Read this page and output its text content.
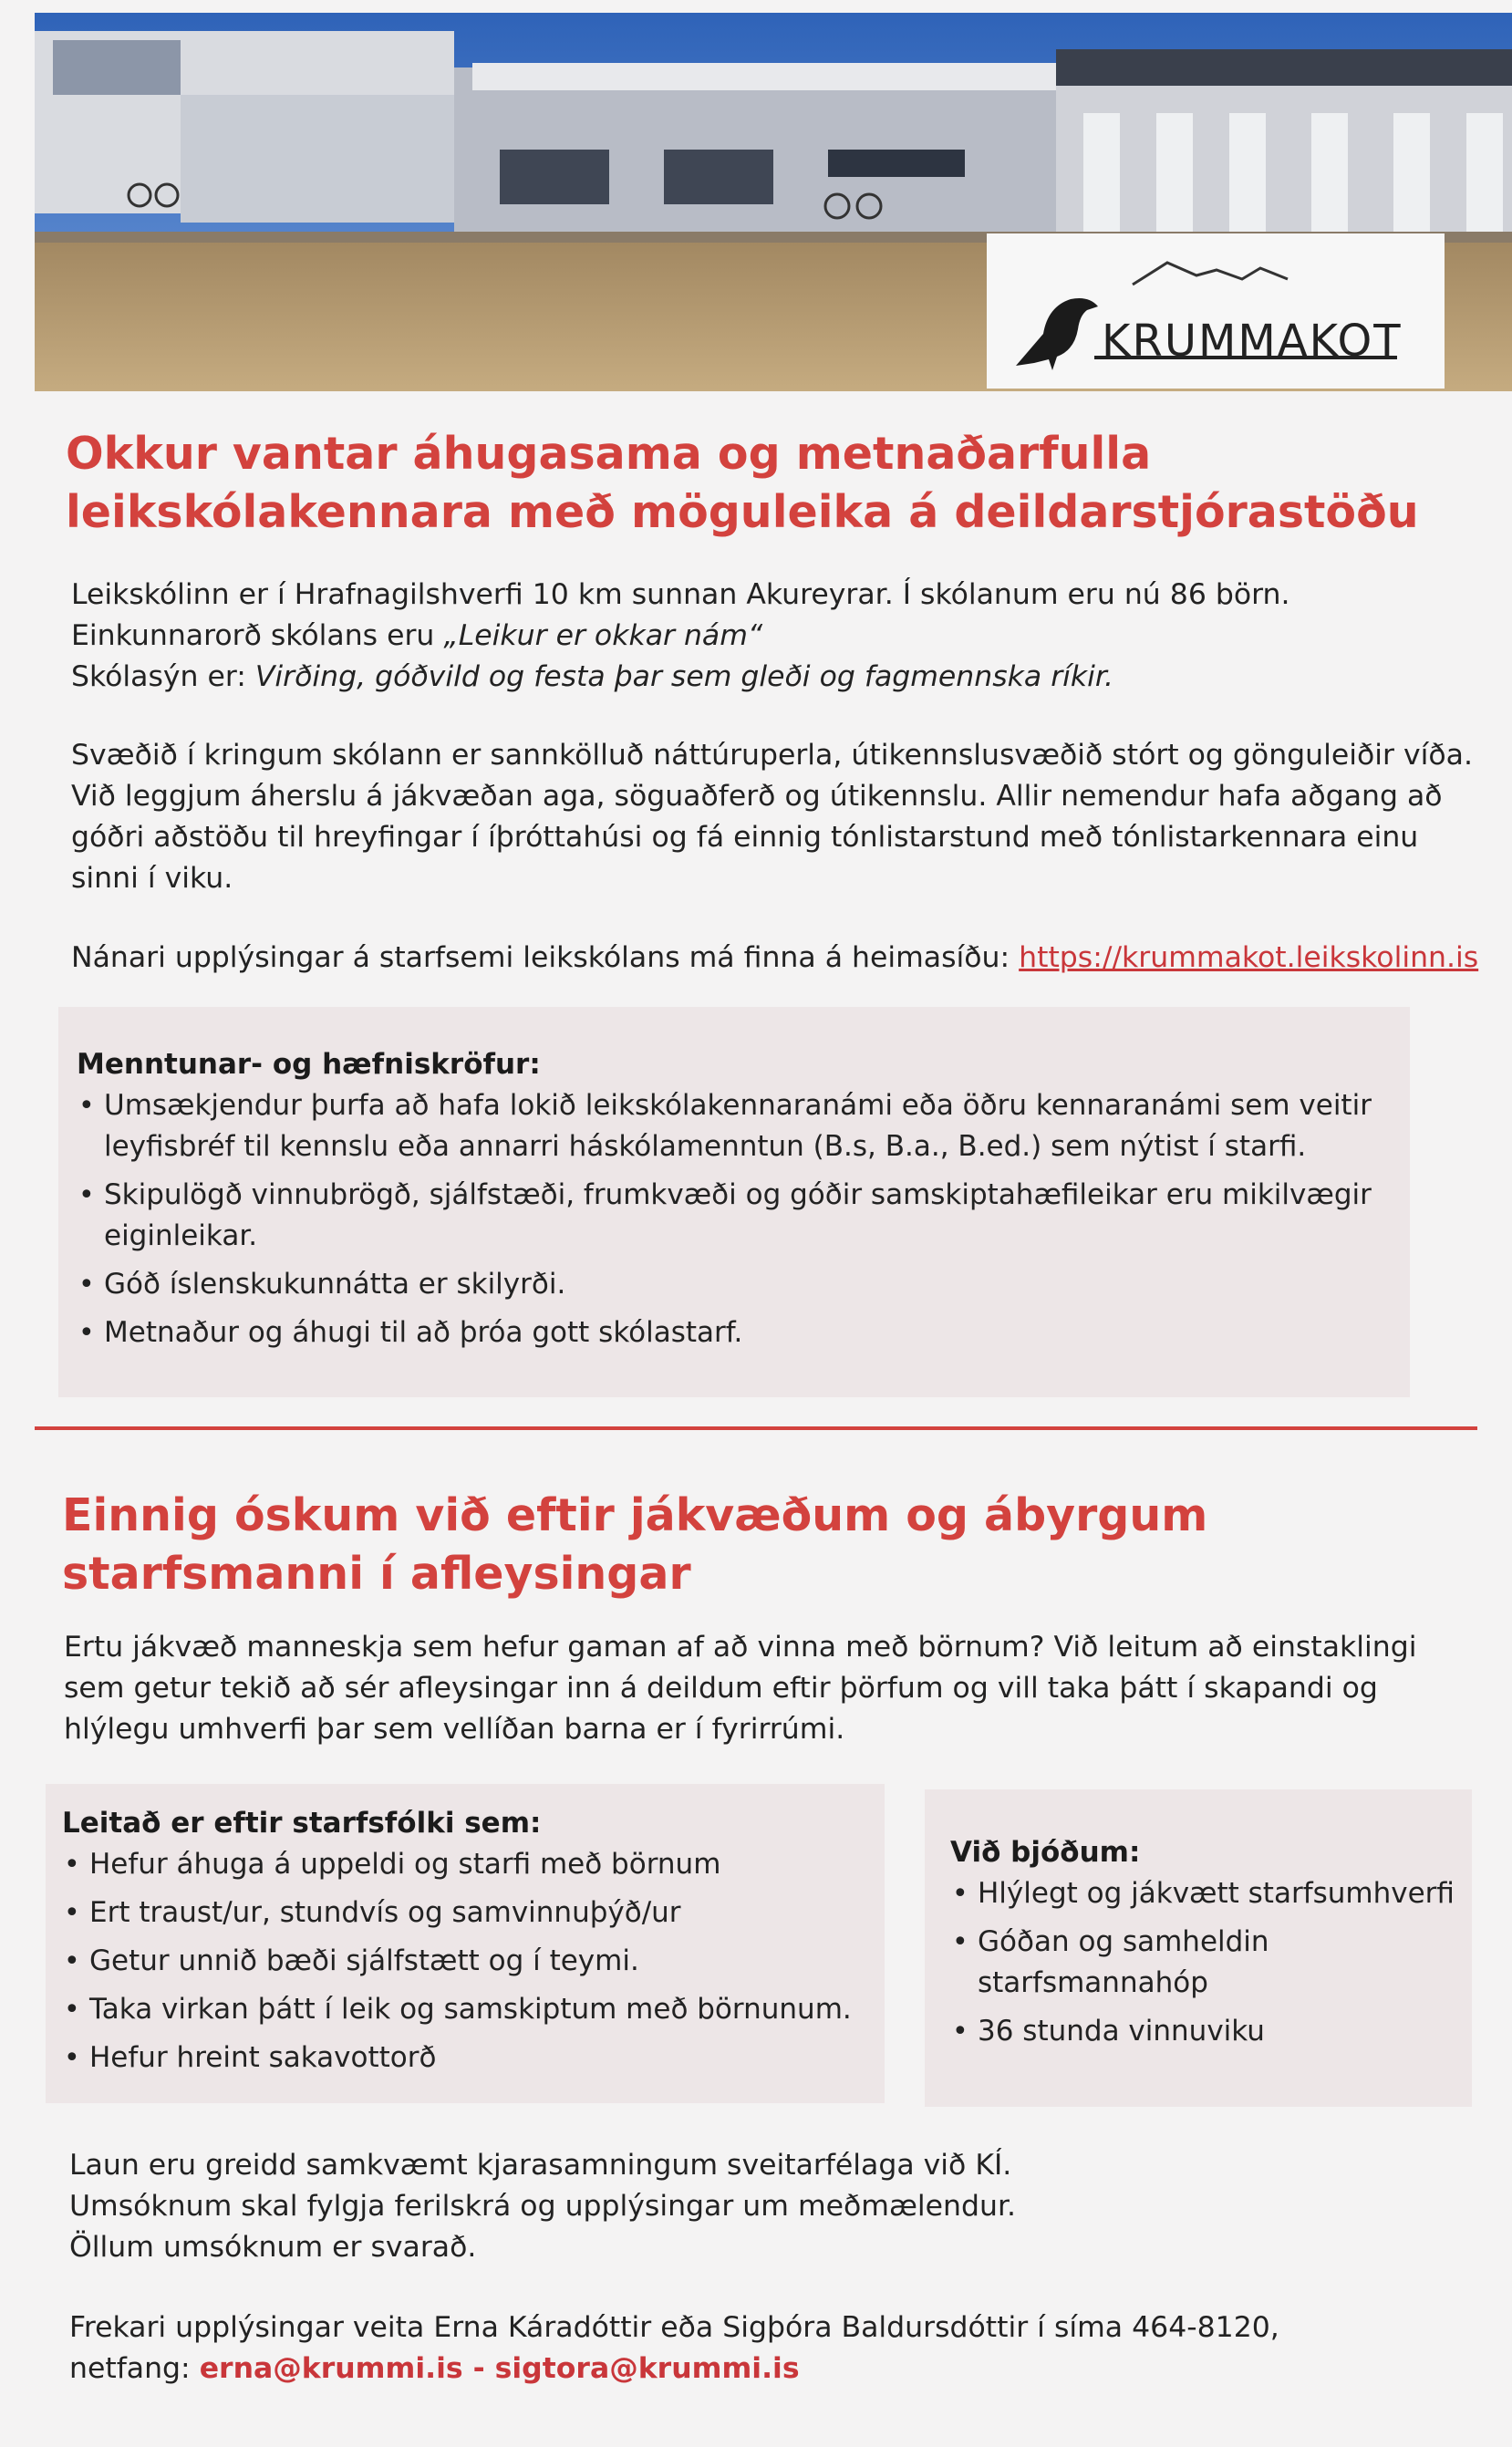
KRUMMAKOT
Okkur vantar áhugasama og metnaðarfulla
leikskólakennara með möguleika á deildarstjórastöðu

Leikskólinn er í Hrafnagilshverfi 10 km sunnan Akureyrar. Í skólanum eru nú 86 börn.

Einkunnarorð skólans eru „Leikur er okkar nám“

Skólasýn er: Virðing, góðvild og festa þar sem gleði og fagmennska ríkir.

Svæðið í kringum skólann er sannkölluð náttúruperla, útikennslusvæðið stórt og gönguleiðir víða. Við leggjum áherslu á jákvæðan aga, söguaðferð og útikennslu. Allir nemendur hafa aðgang að góðri aðstöðu til hreyfingar í íþróttahúsi og fá einnig tónlistarstund með tónlistarkennara einu sinni í viku.
Nánari upplýsingar á starfsemi leikskólans má finna á heimasíðu: https://krummakot.leikskolinn.is
Menntunar- og hæfniskröfur:
• Umsækjendur þurfa að hafa lokið leikskólakennaranámi eða öðru kennaranámi sem veitir leyfisbréf til kennslu eða annarri háskólamenntun (B.s, B.a., B.ed.) sem nýtist í starfi.
• Skipulögð vinnubrögð, sjálfstæði, frumkvæði og góðir samskiptahæfileikar eru mikilvægir eiginleikar.
• Góð íslenskukunnátta er skilyrði.
• Metnaður og áhugi til að þróa gott skólastarf.
Einnig óskum við eftir jákvæðum og ábyrgum
starfsmanni í afleysingar
Ertu jákvæð manneskja sem hefur gaman af að vinna með börnum? Við leitum að einstaklingi sem getur tekið að sér afleysingar inn á deildum eftir þörfum og vill taka þátt í skapandi og hlýlegu umhverfi þar sem vellíðan barna er í fyrirrúmi.
Leitað er eftir starfsfólki sem:
• Hefur áhuga á uppeldi og starfi með börnum
• Ert traust/ur, stundvís og samvinnuþýð/ur
• Getur unnið bæði sjálfstætt og í teymi.
• Taka virkan þátt í leik og samskiptum með börnunum.
• Hefur hreint sakavottorð
Við bjóðum:
• Hlýlegt og jákvætt starfsumhverfi
• Góðan og samheldin starfsmannahóp
• 36 stunda vinnuviku

Laun eru greidd samkvæmt kjarasamningum sveitarfélaga við KÍ.

Umsóknum skal fylgja ferilskrá og upplýsingar um meðmælendur.

Öllum umsóknum er svarað.

Frekari upplýsingar veita Erna Káradóttir eða Sigþóra Baldursdóttir í síma 464-8120,

netfang: erna@krummi.is - sigtora@krummi.is
